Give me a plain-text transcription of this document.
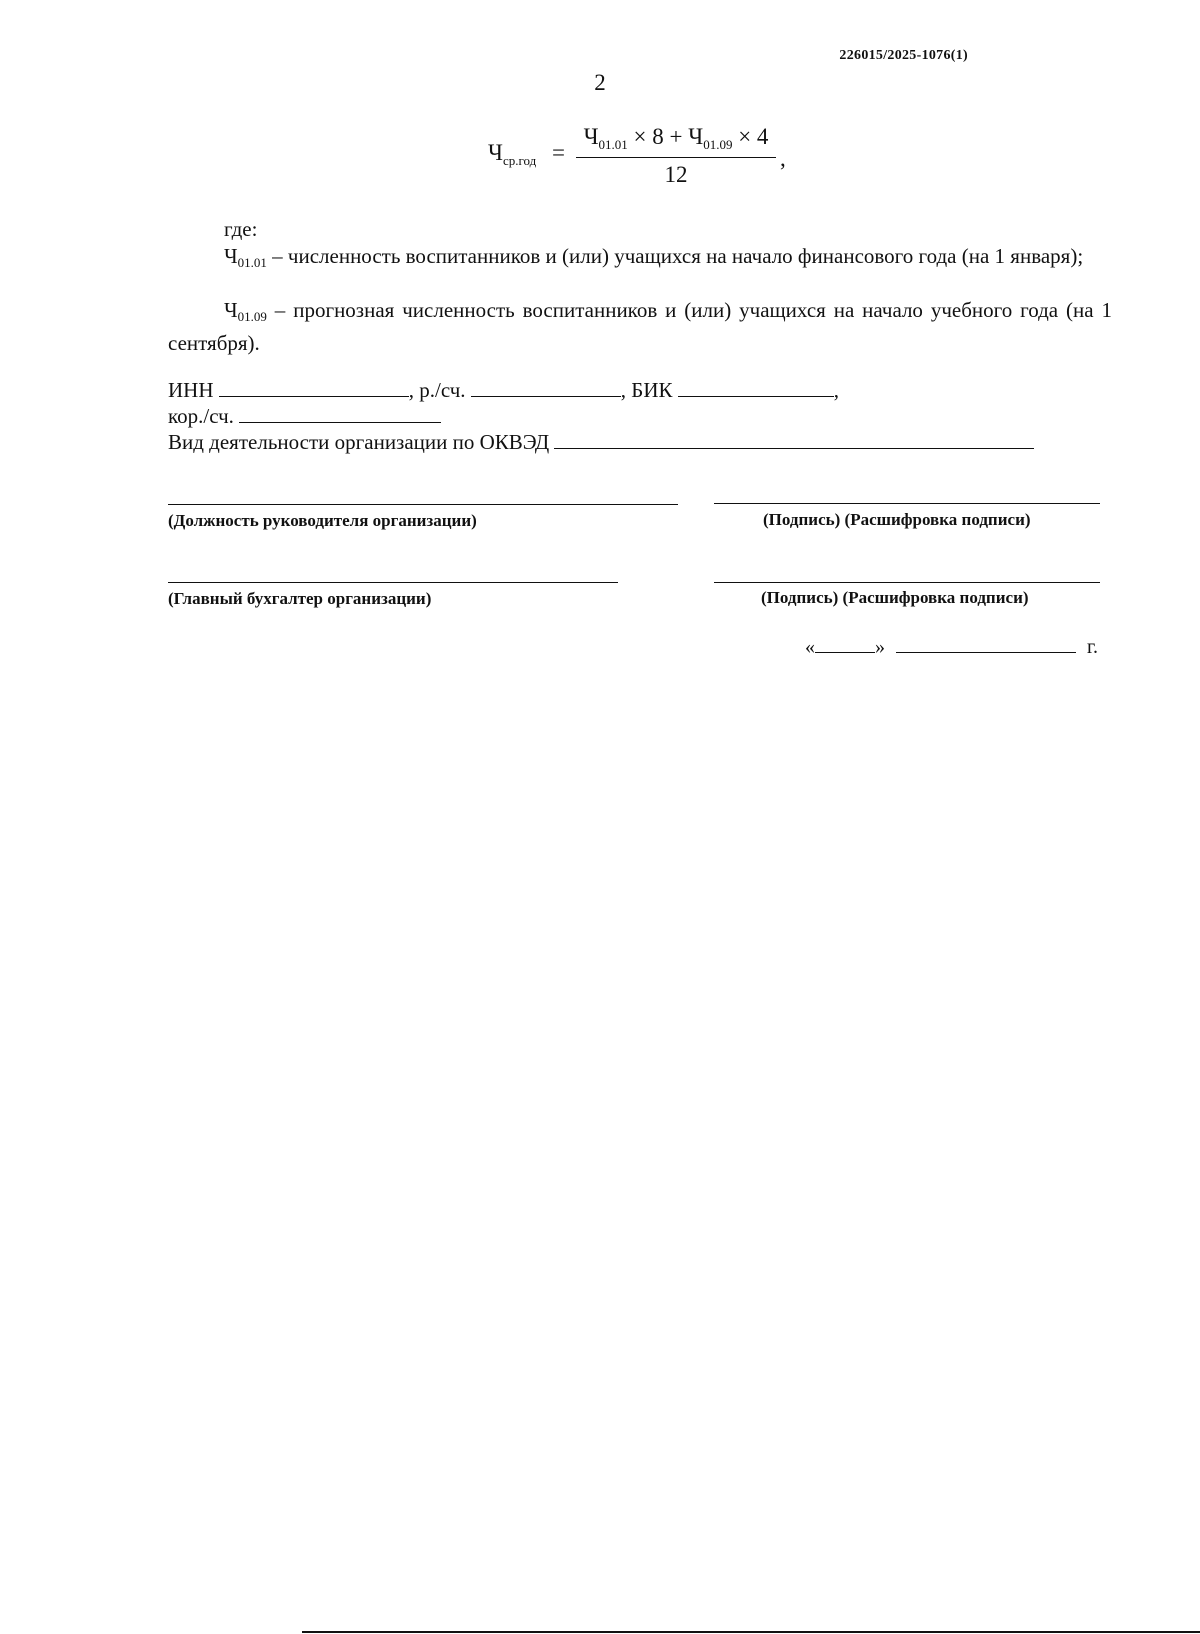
226015/2025-1076(1)
2
$Ч_{ср.год}$ =
$Ч_{01.01} \times 8 + Ч_{01.09} \times 4$
12
,
где:
$Ч_{01.01}$ – численность воспитанников и (или) учащихся на начало финансового года (на 1 января);
$Ч_{01.09}$ – прогнозная численность воспитанников и (или) учащихся на начало учебного года (на 1 сентября).
ИНН	, р./сч.	, БИК	,
кор./сч.
Вид деятельности организации по ОКВЭД
(Должность руководителя организации)	(Подпись) (Расшифровка подписи)
(Главный бухгалтер организации)	(Подпись) (Расшифровка подписи)
«	»	г.
